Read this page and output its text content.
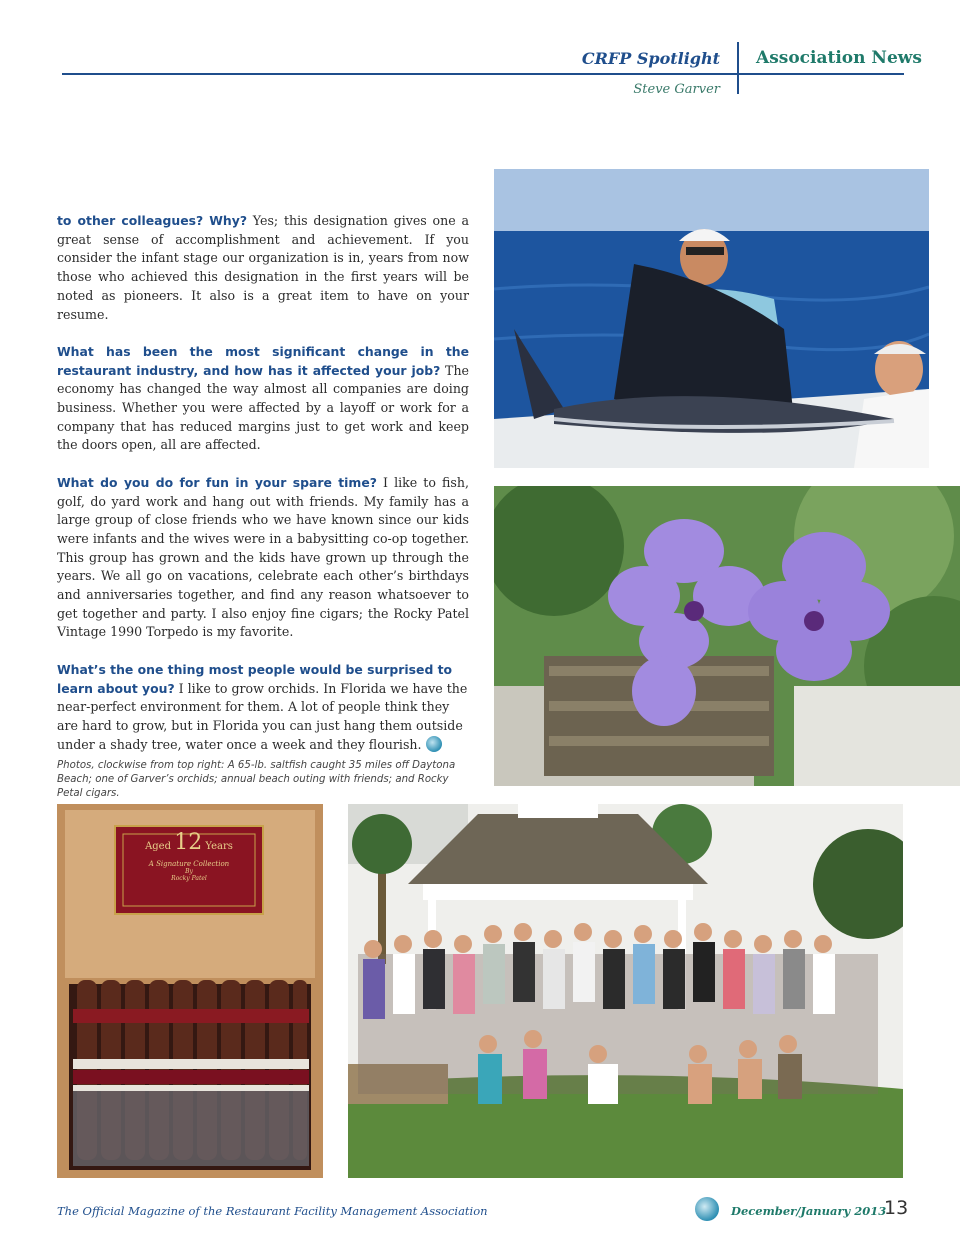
CRFP Spotlight
Steve Garver
Association News

to other colleagues? Why? Yes; this designation gives one a great sense of accomplishment and achievement. If you consider the infant stage our organization is in, years from now those who achieved this designation in the first years will be noted as pioneers. It also is a great item to have on your resume.

What has been the most significant change in the restaurant industry, and how has it affected your job? The economy has changed the way almost all companies are doing business. Whether you were affected by a layoff or work for a company that has reduced margins just to get work and keep the doors open, all are affected.

What do you do for fun in your spare time? I like to fish, golf, do yard work and hang out with friends. My family has a large group of close friends who we have known since our kids were infants and the wives were in a babysitting co-op together. This group has grown and the kids have grown up through the years. We all go on vacations, celebrate each other’s birthdays and anniversaries together, and find any reason whatsoever to get together and party. I also enjoy fine cigars; the Rocky Patel Vintage 1990 Torpedo is my favorite.

What’s the one thing most people would be surprised to learn about you? I like to grow orchids. In Florida we have the near-perfect environment for them. A lot of people think they are hard to grow, but in Florida you can just hang them outside under a shady tree, water once a week and they flourish.

Photos, clockwise from top right: A 65-lb. saltfish caught 35 miles off Daytona Beach; one of Garver’s orchids; annual beach outing with friends; and Rocky Petal cigars.
Aged 12 Years
A Signature Collection
By
Rocky Patel
The Official Magazine of the Restaurant Facility Management Association	December/January 2013
13
